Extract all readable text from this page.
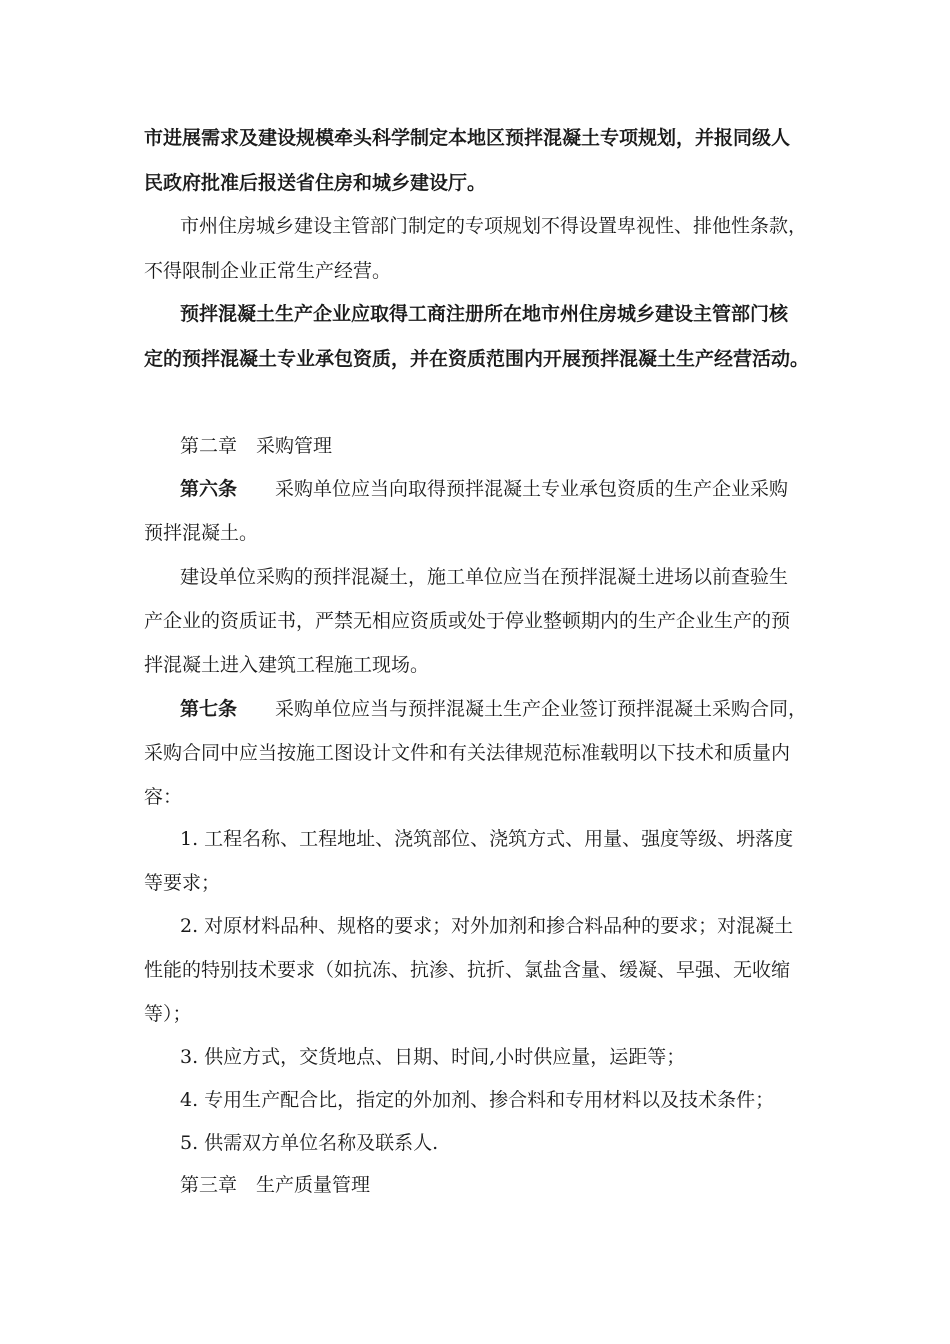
市进展需求及建设规模牵头科学制定本地区预拌混凝土专项规划，并报同级人
民政府批准后报送省住房和城乡建设厅。
市州住房城乡建设主管部门制定的专项规划不得设置卑视性、排他性条款，
不得限制企业正常生产经营。
预拌混凝土生产企业应取得工商注册所在地市州住房城乡建设主管部门核
定的预拌混凝土专业承包资质，并在资质范围内开展预拌混凝土生产经营活动。
第二章　采购管理
第六条 采购单位应当向取得预拌混凝土专业承包资质的生产企业采购
预拌混凝土。
建设单位采购的预拌混凝土，施工单位应当在预拌混凝土进场以前查验生
产企业的资质证书，严禁无相应资质或处于停业整顿期内的生产企业生产的预
拌混凝土进入建筑工程施工现场。
第七条 采购单位应当与预拌混凝土生产企业签订预拌混凝土采购合同，
采购合同中应当按施工图设计文件和有关法律规范标准载明以下技术和质量内
容：
1. 工程名称、工程地址、浇筑部位、浇筑方式、用量、强度等级、坍落度
等要求；
2. 对原材料品种、规格的要求；对外加剂和掺合料品种的要求；对混凝土
性能的特别技术要求（如抗冻、抗渗、抗折、氯盐含量、缓凝、早强、无收缩
等）；
3. 供应方式，交货地点、日期、时间,小时供应量，运距等；
4. 专用生产配合比，指定的外加剂、掺合料和专用材料以及技术条件；
5. 供需双方单位名称及联系人.
第三章　生产质量管理
